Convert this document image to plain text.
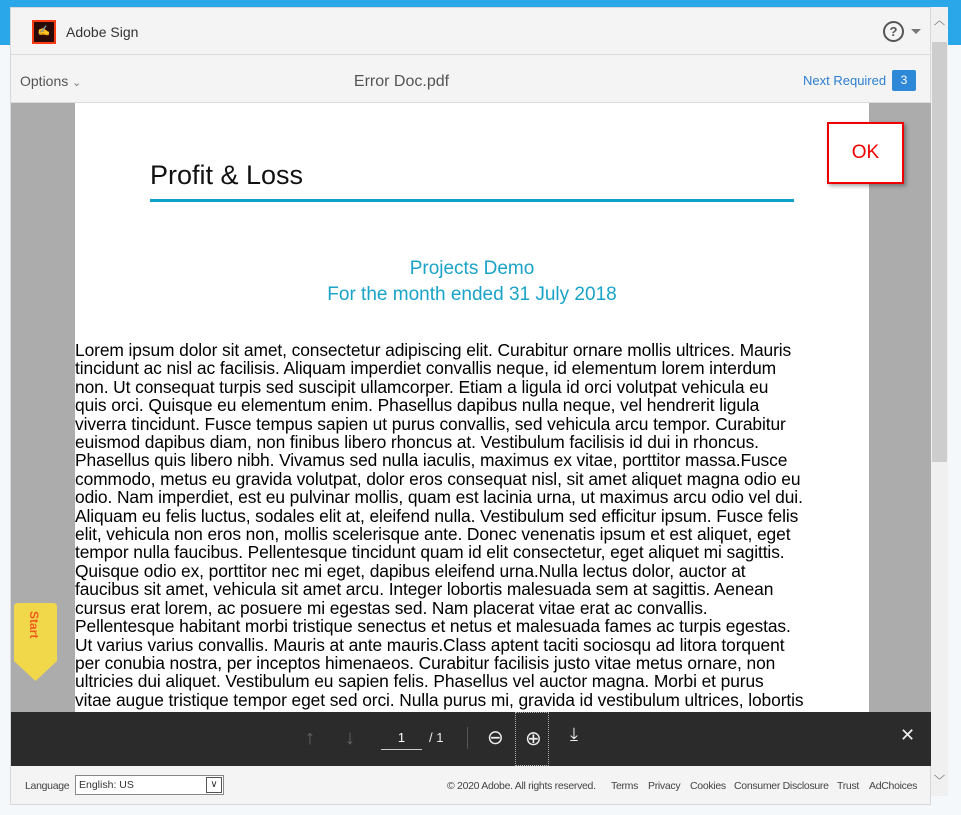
✍	Adobe Sign	?
Options ⌄	Error Doc.pdf	Next Required	3
Profit & Loss
Projects Demo
For the month ended 31 July 2018
Lorem ipsum dolor sit amet, consectetur adipiscing elit. Curabitur ornare mollis ultrices. Mauris
tincidunt ac nisl ac facilisis. Aliquam imperdiet convallis neque, id elementum lorem interdum
non. Ut consequat turpis sed suscipit ullamcorper. Etiam a ligula id orci volutpat vehicula eu
quis orci. Quisque eu elementum enim. Phasellus dapibus nulla neque, vel hendrerit ligula
viverra tincidunt. Fusce tempus sapien ut purus convallis, sed vehicula arcu tempor. Curabitur
euismod dapibus diam, non finibus libero rhoncus at. Vestibulum facilisis id dui in rhoncus.
Phasellus quis libero nibh. Vivamus sed nulla iaculis, maximus ex vitae, porttitor massa.Fusce
commodo, metus eu gravida volutpat, dolor eros consequat nisl, sit amet aliquet magna odio eu
odio. Nam imperdiet, est eu pulvinar mollis, quam est lacinia urna, ut maximus arcu odio vel dui.
Aliquam eu felis luctus, sodales elit at, eleifend nulla. Vestibulum sed efficitur ipsum. Fusce felis
elit, vehicula non eros non, mollis scelerisque ante. Donec venenatis ipsum et est aliquet, eget
tempor nulla faucibus. Pellentesque tincidunt quam id elit consectetur, eget aliquet mi sagittis.
Quisque odio ex, porttitor nec mi eget, dapibus eleifend urna.Nulla lectus dolor, auctor at
faucibus sit amet, vehicula sit amet arcu. Integer lobortis malesuada sem at sagittis. Aenean
cursus erat lorem, ac posuere mi egestas sed. Nam placerat vitae erat ac convallis.
Pellentesque habitant morbi tristique senectus et netus et malesuada fames ac turpis egestas.
Ut varius varius convallis. Mauris at ante mauris.Class aptent taciti sociosqu ad litora torquent
per conubia nostra, per inceptos himenaeos. Curabitur facilisis justo vitae metus ornare, non
ultricies dui aliquet. Vestibulum eu sapien felis. Phasellus vel auctor magna. Morbi et purus
vitae augue tristique tempor eget sed orci. Nulla purus mi, gravida id vestibulum ultrices, lobortis
OK
Start
↑ ↓	1	/ 1 ⊖ ⊕ ⤓	✕
Language English: US	∨	© 2020 Adobe. All rights reserved. Terms Privacy Cookies Consumer Disclosure Trust AdChoices
︿
﹀
